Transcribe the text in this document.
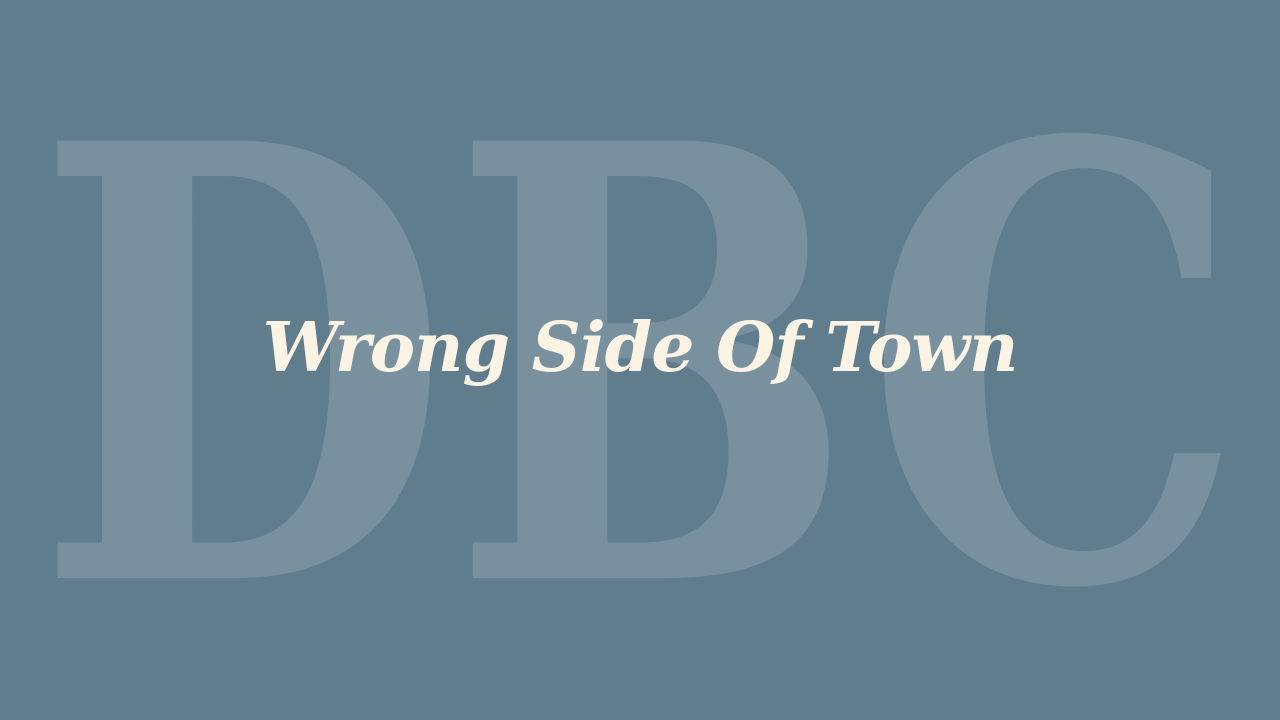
DBC
Wrong Side Of Town
